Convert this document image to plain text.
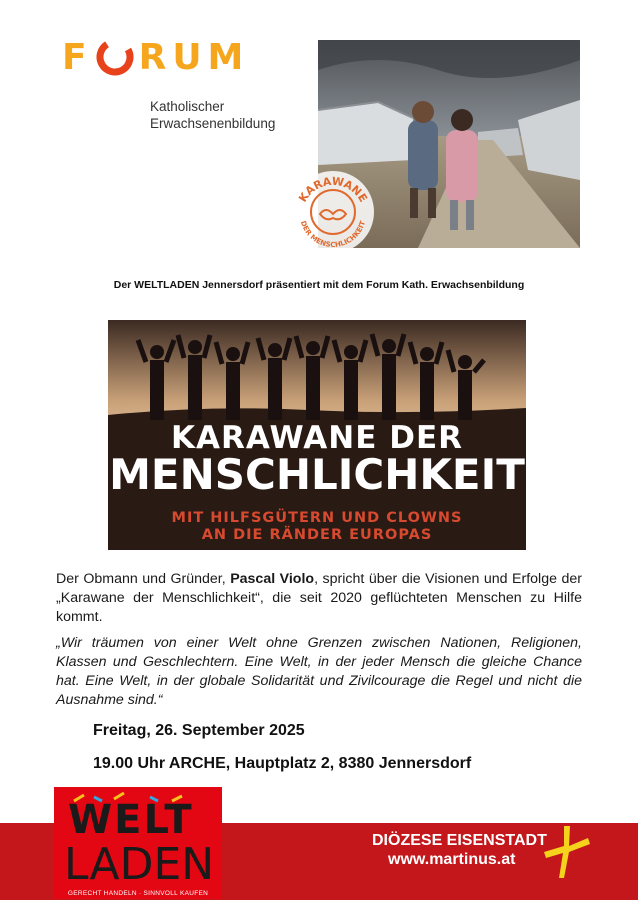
F RUM
Katholischer
Erwachsenenbildung
KARAWANE
DER MENSCHLICHKEIT
Der WELTLADEN Jennersdorf präsentiert mit dem Forum Kath. Erwachsenbildung
KARAWANE DER
MENSCHLICHKEIT
MIT HILFSGÜTERN UND CLOWNS
AN DIE RÄNDER EUROPAS
Der Obmann und Gründer, Pascal Violo, spricht über die Visionen und Erfolge der „Karawane der Menschlichkeit“, die seit 2020 geflüchteten Menschen zu Hilfe kommt.
„Wir träumen von einer Welt ohne Grenzen zwischen Nationen, Religionen, Klassen und Geschlechtern. Eine Welt, in der jeder Mensch die gleiche Chance hat. Eine Welt, in der globale Solidarität und Zivilcourage die Regel und nicht die Ausnahme sind.“
Freitag, 26. September 2025
19.00 Uhr ARCHE, Hauptplatz 2, 8380 Jennersdorf
DIÖZESE EISENSTADT
www.martinus.at
WELT
LADEN
GERECHT HANDELN · SINNVOLL KAUFEN
